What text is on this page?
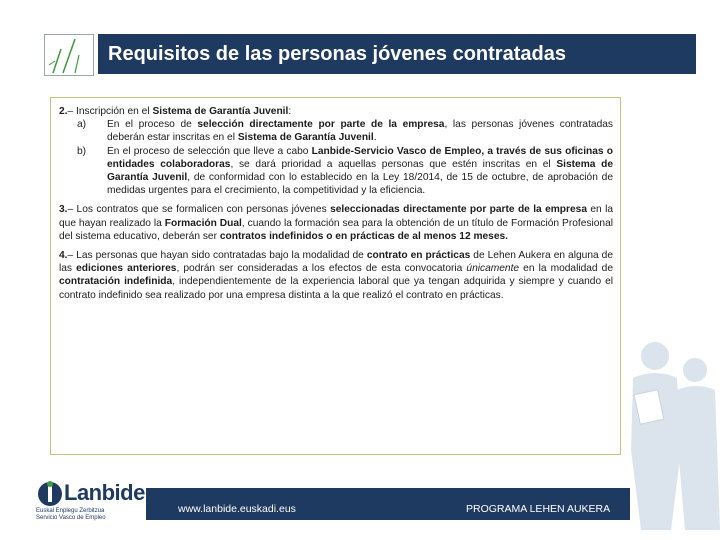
Requisitos de las personas jóvenes contratadas

2.– Inscripción en el Sistema de Garantía Juvenil:

a) En el proceso de selección directamente por parte de la empresa, las personas jóvenes contratadas deberán estar inscritas en el Sistema de Garantía Juvenil.
b) En el proceso de selección que lleve a cabo Lanbide-Servicio Vasco de Empleo, a través de sus oficinas o entidades colaboradoras, se dará prioridad a aquellas personas que estén inscritas en el Sistema de Garantía Juvenil, de conformidad con lo establecido en la Ley 18/2014, de 15 de octubre, de aprobación de medidas urgentes para el crecimiento, la competitividad y la eficiencia.

3.– Los contratos que se formalicen con personas jóvenes seleccionadas directamente por parte de la empresa en la que hayan realizado la Formación Dual, cuando la formación sea para la obtención de un título de Formación Profesional del sistema educativo, deberán ser contratos indefinidos o en prácticas de al menos 12 meses.

4.– Las personas que hayan sido contratadas bajo la modalidad de contrato en prácticas de Lehen Aukera en alguna de las ediciones anteriores, podrán ser consideradas a los efectos de esta convocatoria únicamente en la modalidad de contratación indefinida, independientemente de la experiencia laboral que ya tengan adquirida y siempre y cuando el contrato indefinido sea realizado por una empresa distinta a la que realizó el contrato en prácticas.

Lanbide
Euskal Enplegu Zerbitzua
Servicio Vasco de Empleo
www.lanbide.euskadi.eus	PROGRAMA LEHEN AUKERA
